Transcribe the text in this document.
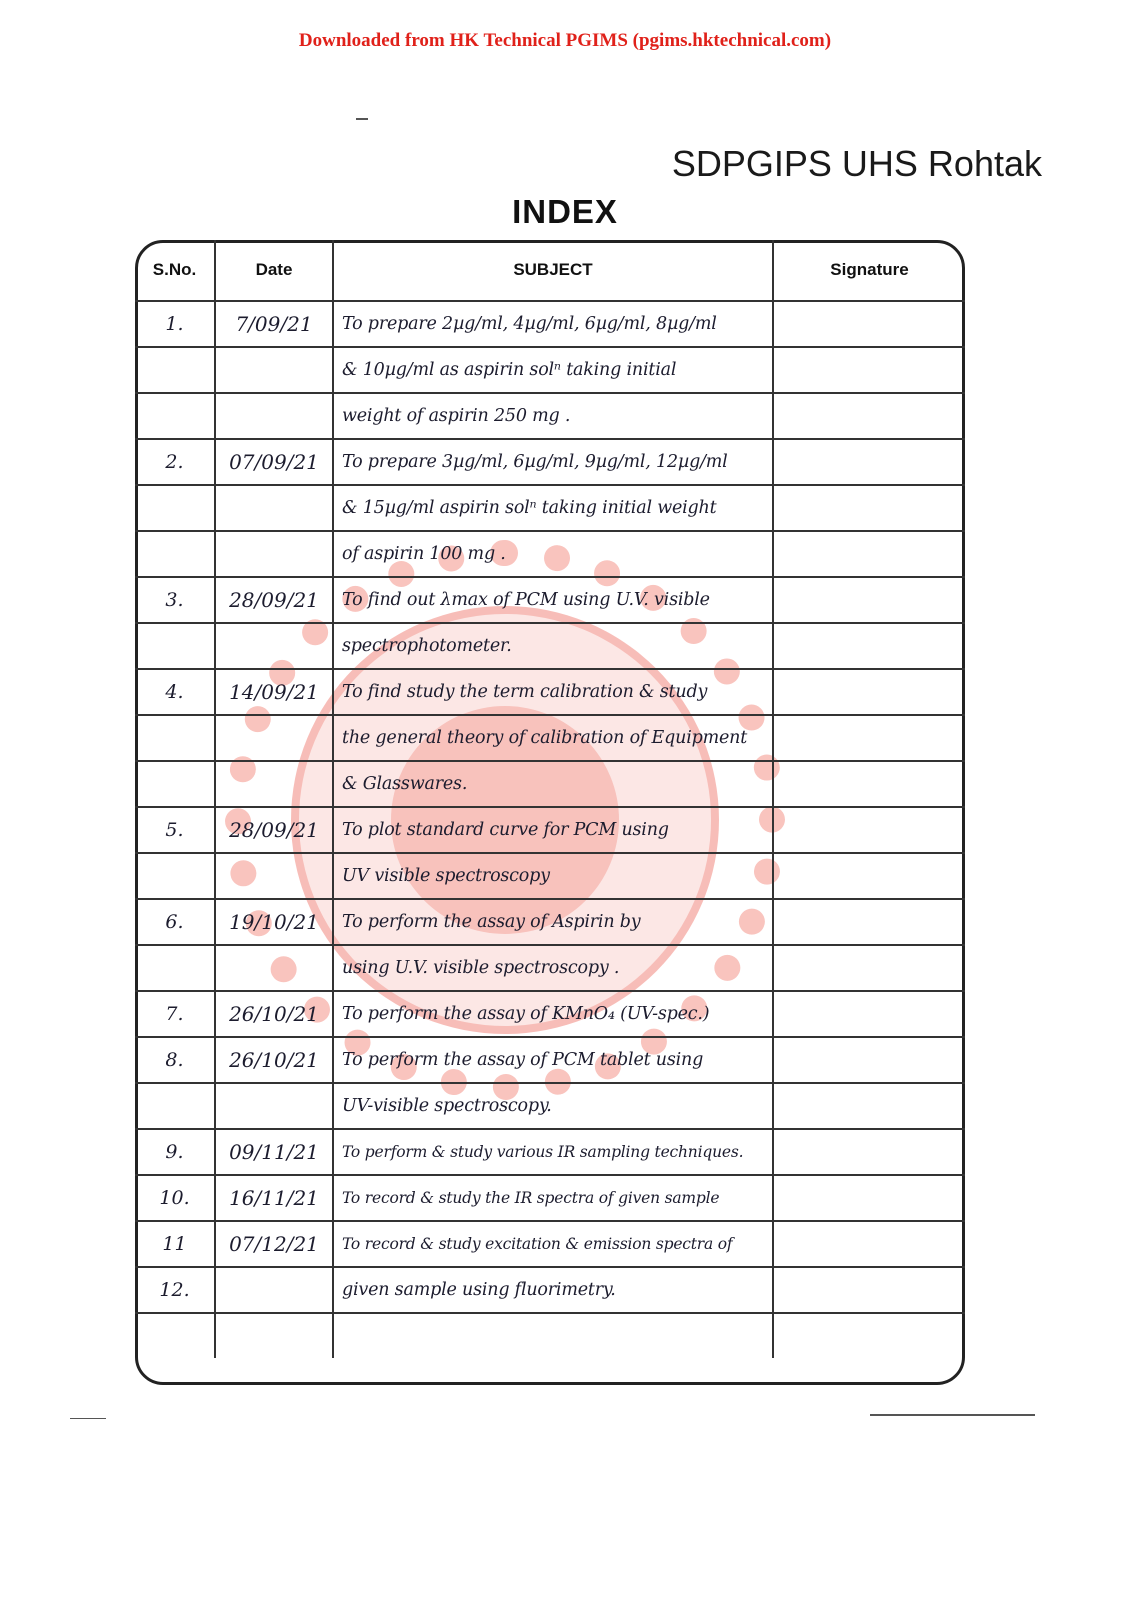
Downloaded from HK Technical PGIMS (pgims.hktechnical.com)
SDPGIPS UHS Rohtak
INDEX
S.No.	Date	SUBJECT	Signature
1.	7/09/21	To prepare 2µg/ml, 4µg/ml, 6µg/ml, 8µg/ml	
		& 10µg/ml as aspirin solⁿ taking initial	
		weight of aspirin 250 mg .	
2.	07/09/21	To prepare 3µg/ml, 6µg/ml, 9µg/ml, 12µg/ml	
		& 15µg/ml aspirin solⁿ taking initial weight	
		of aspirin 100 mg .	
3.	28/09/21	To find out λmax of PCM using U.V. visible	
		spectrophotometer.	
4.	14/09/21	To find study the term calibration & study	
		the general theory of calibration of Equipment	
		& Glasswares.	
5.	28/09/21	To plot standard curve for PCM using	
		UV visible spectroscopy	
6.	19/10/21	To perform the assay of Aspirin by	
		using U.V. visible spectroscopy .	
7.	26/10/21	To perform the assay of KMnO₄ (UV-spec.)	
8.	26/10/21	To perform the assay of PCM tablet using	
		UV-visible spectroscopy.	
9.	09/11/21	To perform & study various IR sampling techniques.	
10.	16/11/21	To record & study the IR spectra of given sample	
11	07/12/21	To record & study excitation & emission spectra of	
12.		given sample using fluorimetry.	
